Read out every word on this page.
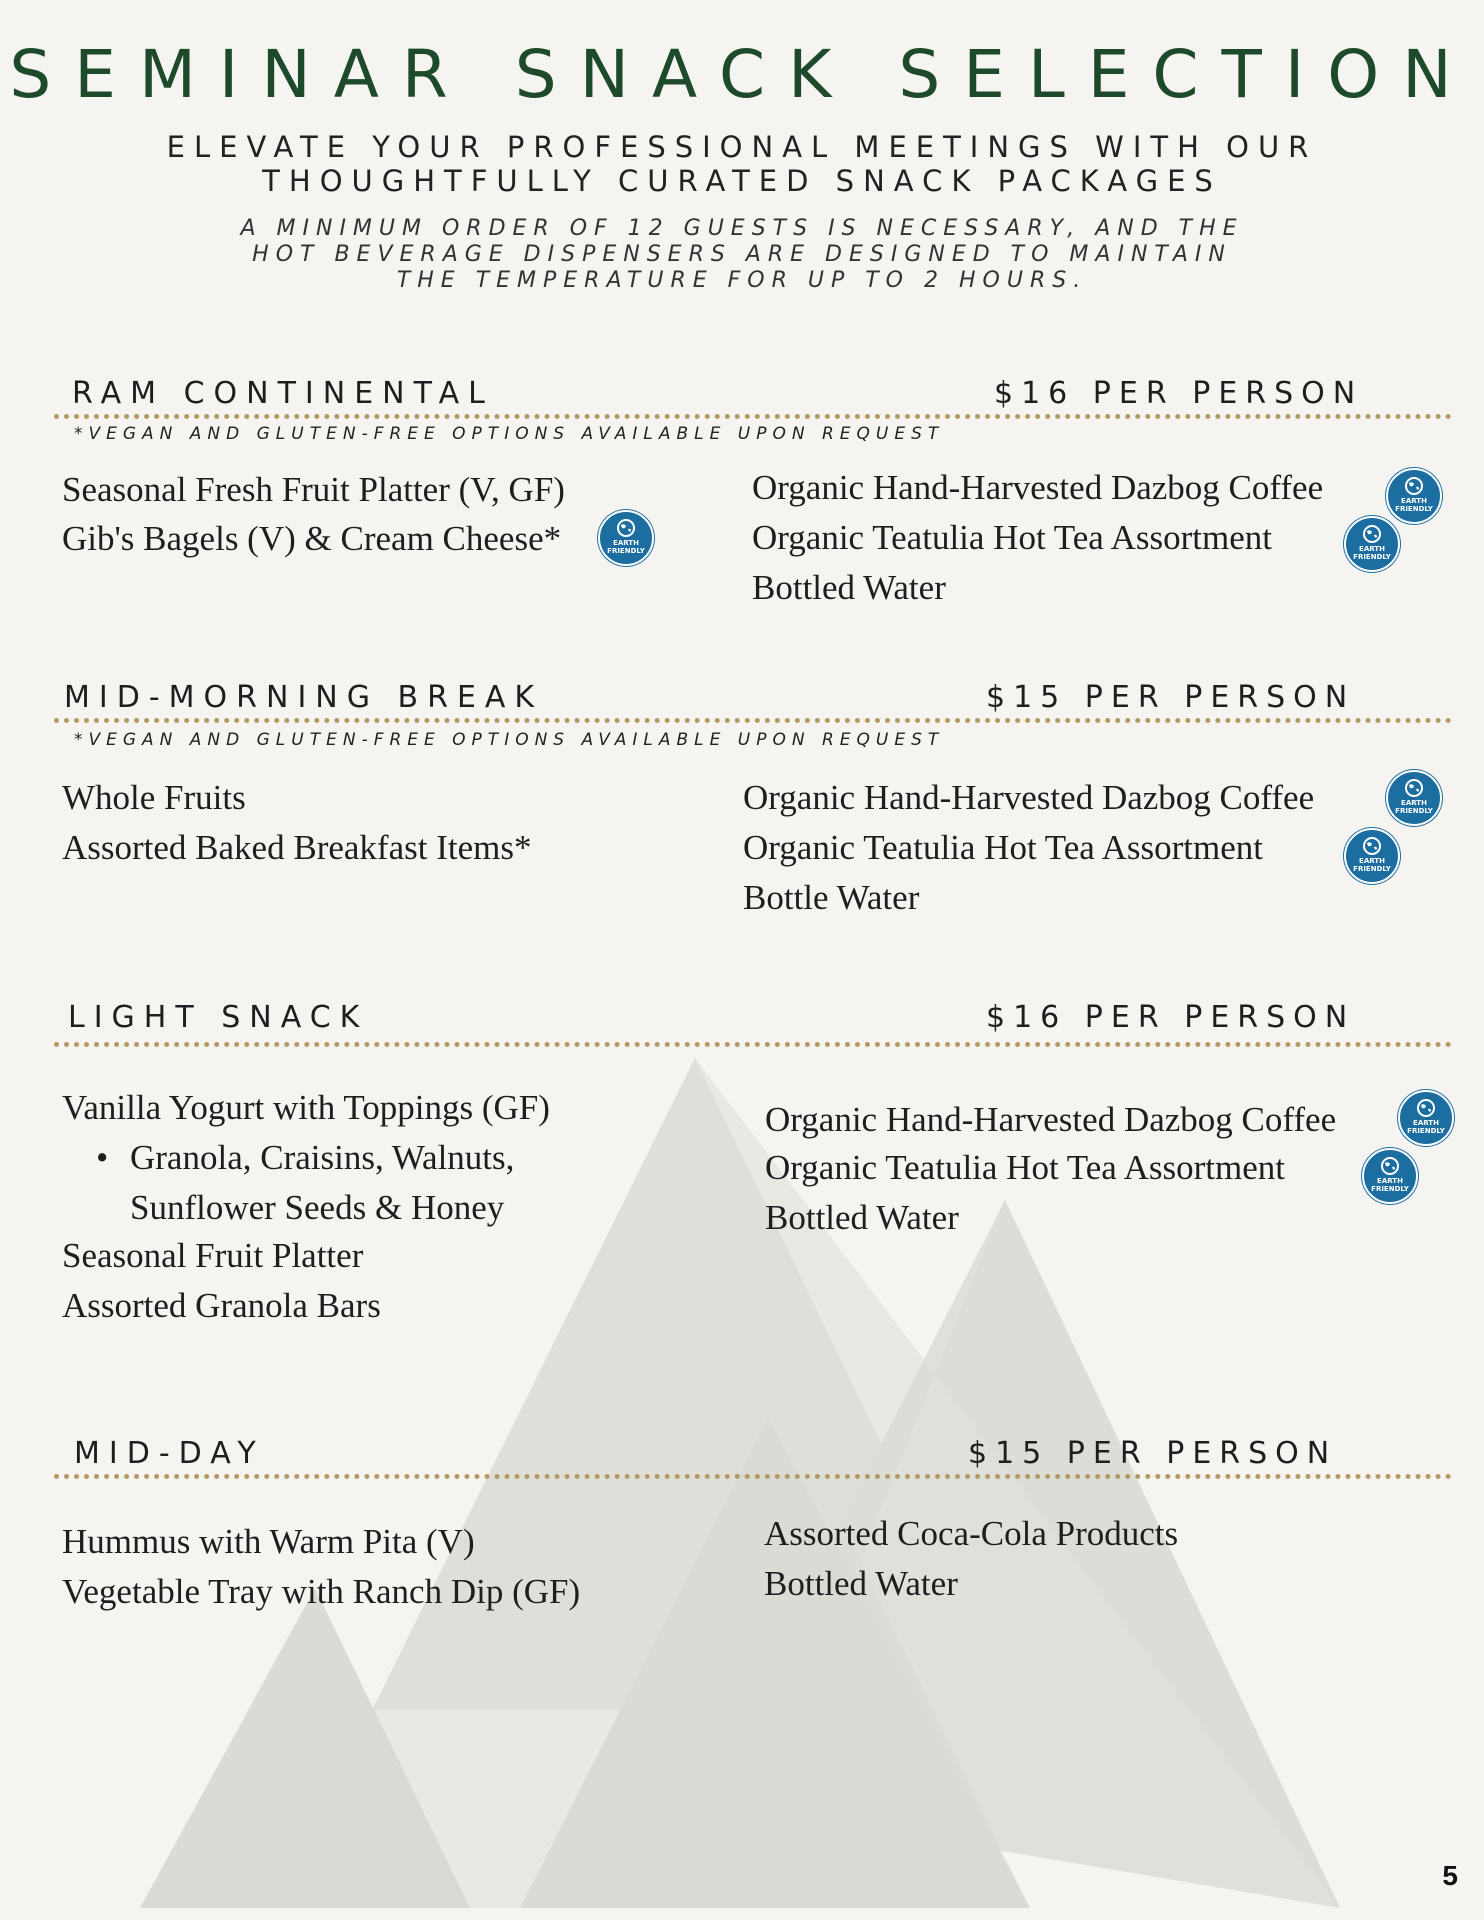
SEMINAR SNACK SELECTION
ELEVATE YOUR PROFESSIONAL MEETINGS WITH OUR
THOUGHTFULLY CURATED SNACK PACKAGES
A MINIMUM ORDER OF 12 GUESTS IS NECESSARY, AND THE
HOT BEVERAGE DISPENSERS ARE DESIGNED TO MAINTAIN
THE TEMPERATURE FOR UP TO 2 HOURS.
RAM CONTINENTAL	$16 PER PERSON
*VEGAN AND GLUTEN-FREE OPTIONS AVAILABLE UPON REQUEST
Seasonal Fresh Fruit Platter (V, GF)
Gib's Bagels (V) & Cream Cheese*	EARTH
FRIENDLY
Organic Hand-Harvested Dazbog Coffee	EARTH
FRIENDLY
Organic Teatulia Hot Tea Assortment	EARTH
FRIENDLY
Bottled Water
MID-MORNING BREAK	$15 PER PERSON
*VEGAN AND GLUTEN-FREE OPTIONS AVAILABLE UPON REQUEST
Whole Fruits
Assorted Baked Breakfast Items*
Organic Hand-Harvested Dazbog Coffee	EARTH
FRIENDLY
Organic Teatulia Hot Tea Assortment	EARTH
FRIENDLY
Bottle Water
LIGHT SNACK	$16 PER PERSON
Vanilla Yogurt with Toppings (GF)
• Granola, Craisins, Walnuts,
Sunflower Seeds & Honey
Seasonal Fruit Platter
Assorted Granola Bars
Organic Hand-Harvested Dazbog Coffee	EARTH
FRIENDLY
Organic Teatulia Hot Tea Assortment	EARTH
FRIENDLY
Bottled Water
MID-DAY	$15 PER PERSON
Hummus with Warm Pita (V)
Vegetable Tray with Ranch Dip (GF)
Assorted Coca-Cola Products
Bottled Water
5
